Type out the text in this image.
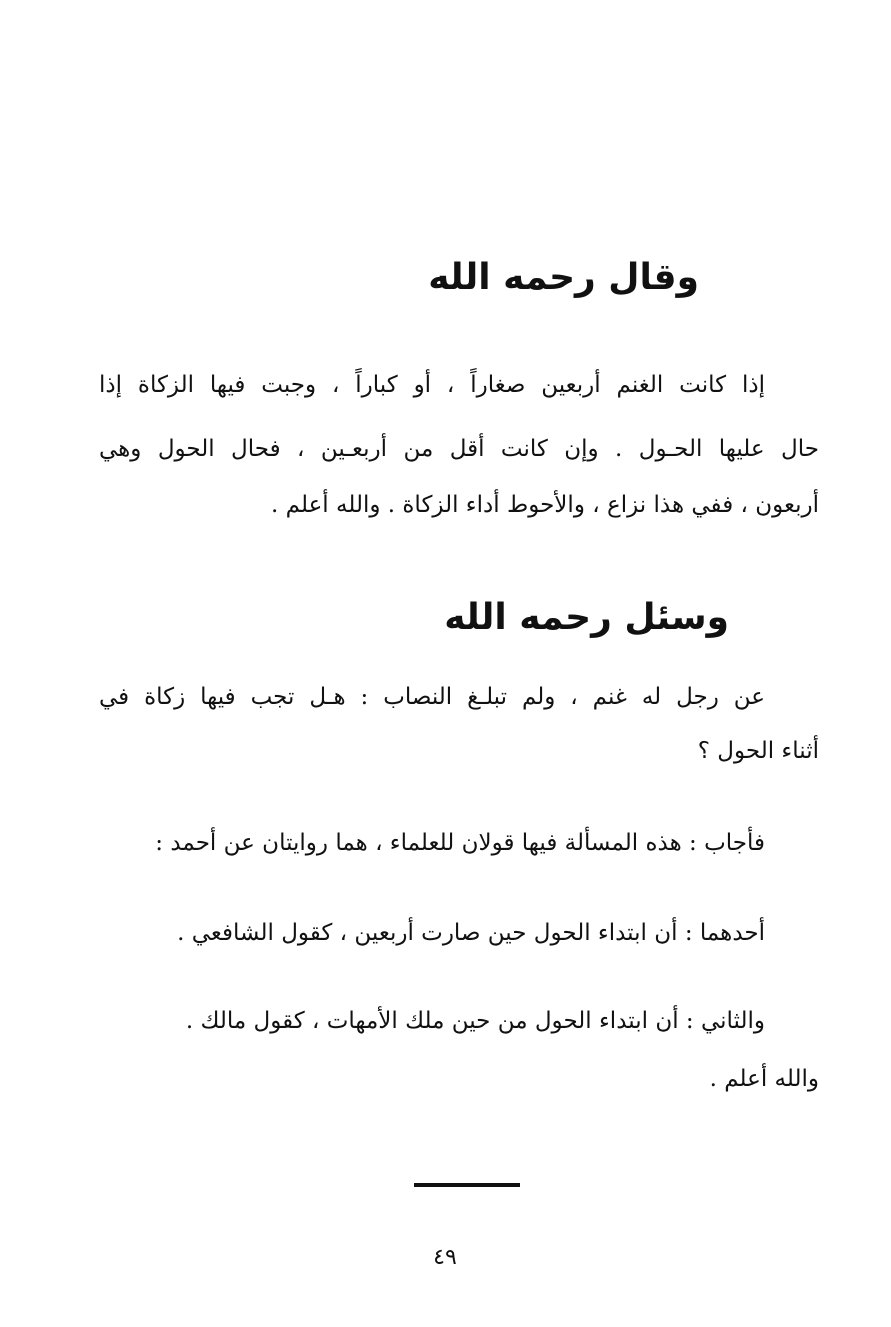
وقال رحمه الله

إذا كانت الغنم أربعين صغاراً ، أو كباراً ، وجبت فيها الزكاة إذا

حال عليها الحـول . وإن كانت أقل من أربعـين ، فحال الحول وهي

أربعون ، ففي هذا نزاع ، والأحوط أداء الزكاة . والله أعلم .

وسئل رحمه الله

عن رجل له غنم ، ولم تبلـغ النصاب : هـل تجب فيها زكاة في

أثناء الحول ؟

فأجاب : هذه المسألة فيها قولان للعلماء ، هما روايتان عن أحمد :

أحدهما : أن ابتداء الحول حين صارت أربعين ، كقول الشافعي .

والثاني : أن ابتداء الحول من حين ملك الأمهات ، كقول مالك .

والله أعلم .

٤٩
